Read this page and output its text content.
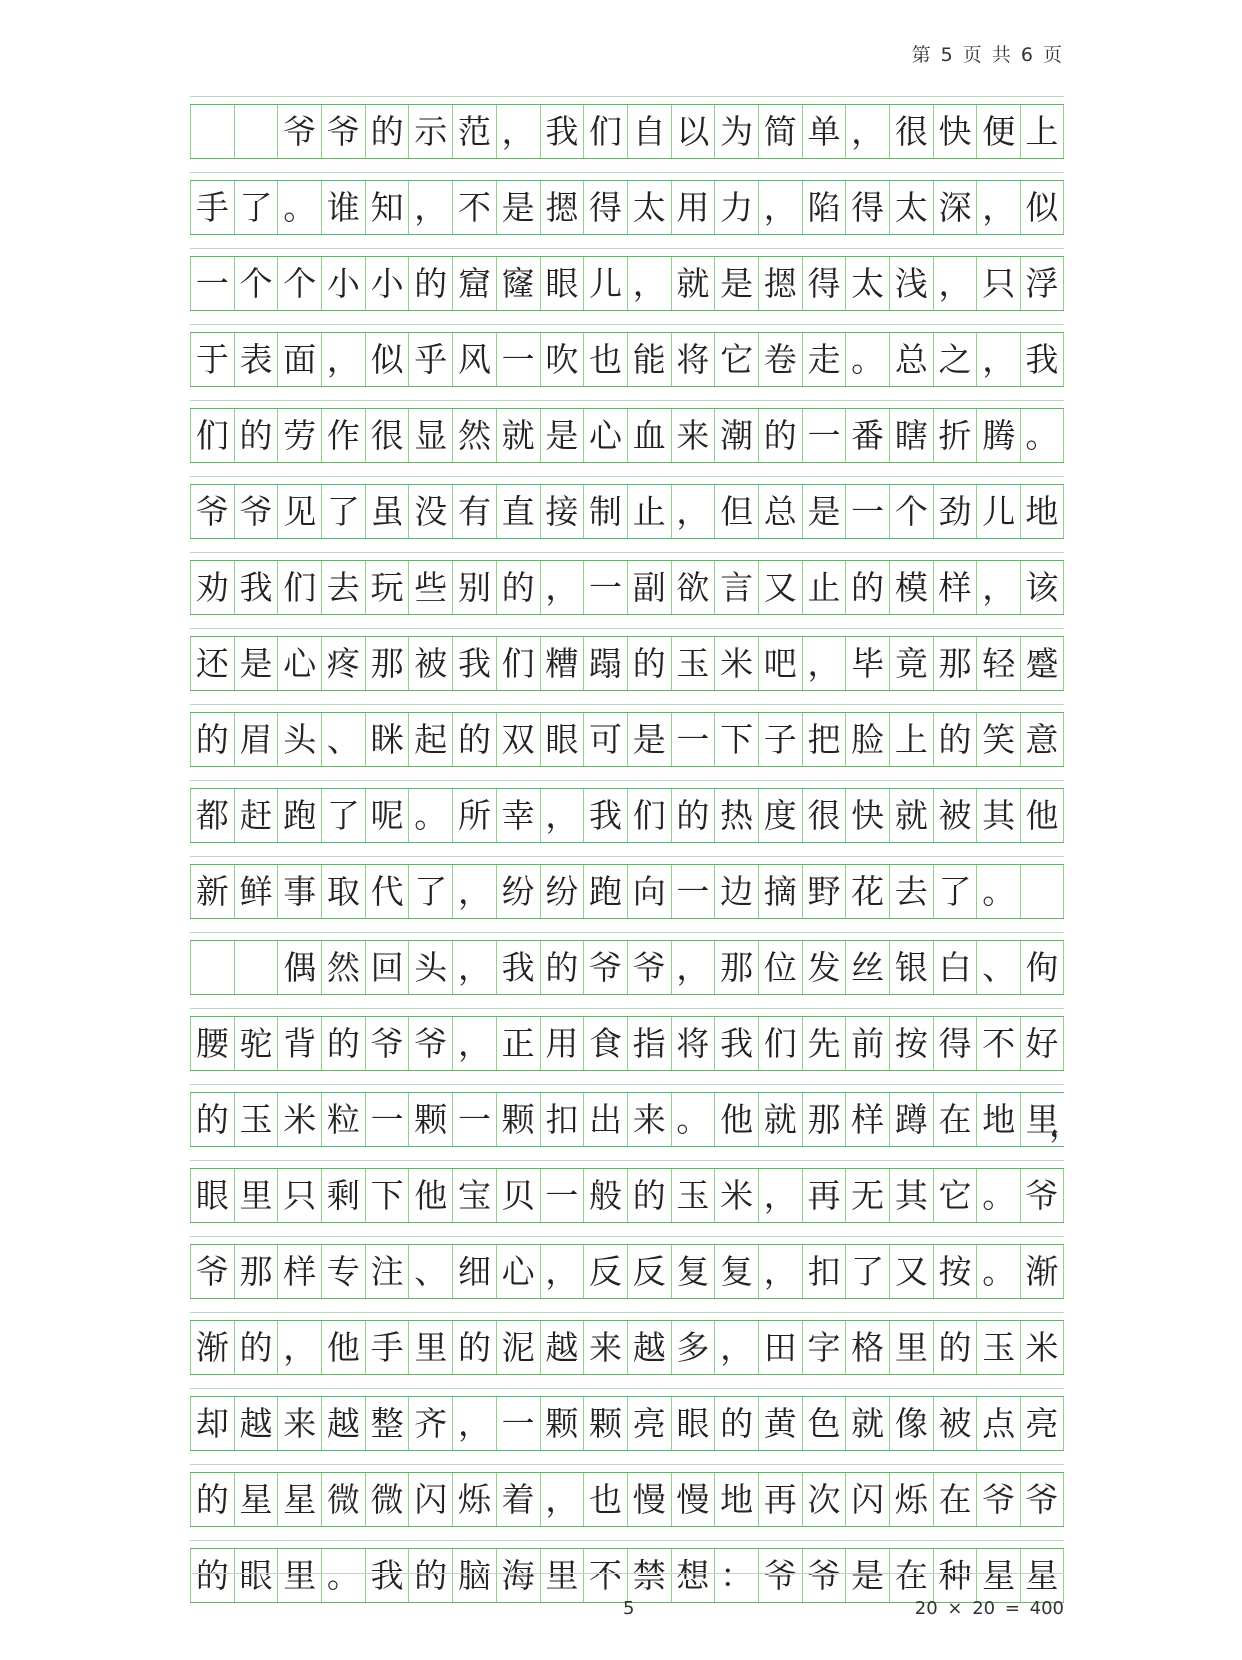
第 5 页 共 6 页
爷 爷 的 示 范 ， 我 们 自 以 为 简 单 ， 很 快 便 上
手 了 。 谁 知 ， 不 是 摁 得 太 用 力 ， 陷 得 太 深 ， 似
一 个 个 小 小 的 窟 窿 眼 儿 ， 就 是 摁 得 太 浅 ， 只 浮
于 表 面 ， 似 乎 风 一 吹 也 能 将 它 卷 走 。 总 之 ， 我
们 的 劳 作 很 显 然 就 是 心 血 来 潮 的 一 番 瞎 折 腾 。
爷 爷 见 了 虽 没 有 直 接 制 止 ， 但 总 是 一 个 劲 儿 地
劝 我 们 去 玩 些 别 的 ， 一 副 欲 言 又 止 的 模 样 ， 该
还 是 心 疼 那 被 我 们 糟 蹋 的 玉 米 吧 ， 毕 竟 那 轻 蹙
的 眉 头 、 眯 起 的 双 眼 可 是 一 下 子 把 脸 上 的 笑 意
都 赶 跑 了 呢 。 所 幸 ， 我 们 的 热 度 很 快 就 被 其 他
新 鲜 事 取 代 了 ， 纷 纷 跑 向 一 边 摘 野 花 去 了 。
偶 然 回 头 ， 我 的 爷 爷 ， 那 位 发 丝 银 白 、 佝
腰 驼 背 的 爷 爷 ， 正 用 食 指 将 我 们 先 前 按 得 不 好
的 玉 米 粒 一 颗 一 颗 扣 出 来 。 他 就 那 样 蹲 在 地 里
，
眼 里 只 剩 下 他 宝 贝 一 般 的 玉 米 ， 再 无 其 它 。 爷
爷 那 样 专 注 、 细 心 ， 反 反 复 复 ， 扣 了 又 按 。 渐
渐 的 ， 他 手 里 的 泥 越 来 越 多 ， 田 字 格 里 的 玉 米
却 越 来 越 整 齐 ， 一 颗 颗 亮 眼 的 黄 色 就 像 被 点 亮
的 星 星 微 微 闪 烁 着 ， 也 慢 慢 地 再 次 闪 烁 在 爷 爷
的 眼 里 。 我 的 脑 海 里 不 禁 想 ： 爷 爷 是 在 种 星 星
5	20 × 20 = 400
